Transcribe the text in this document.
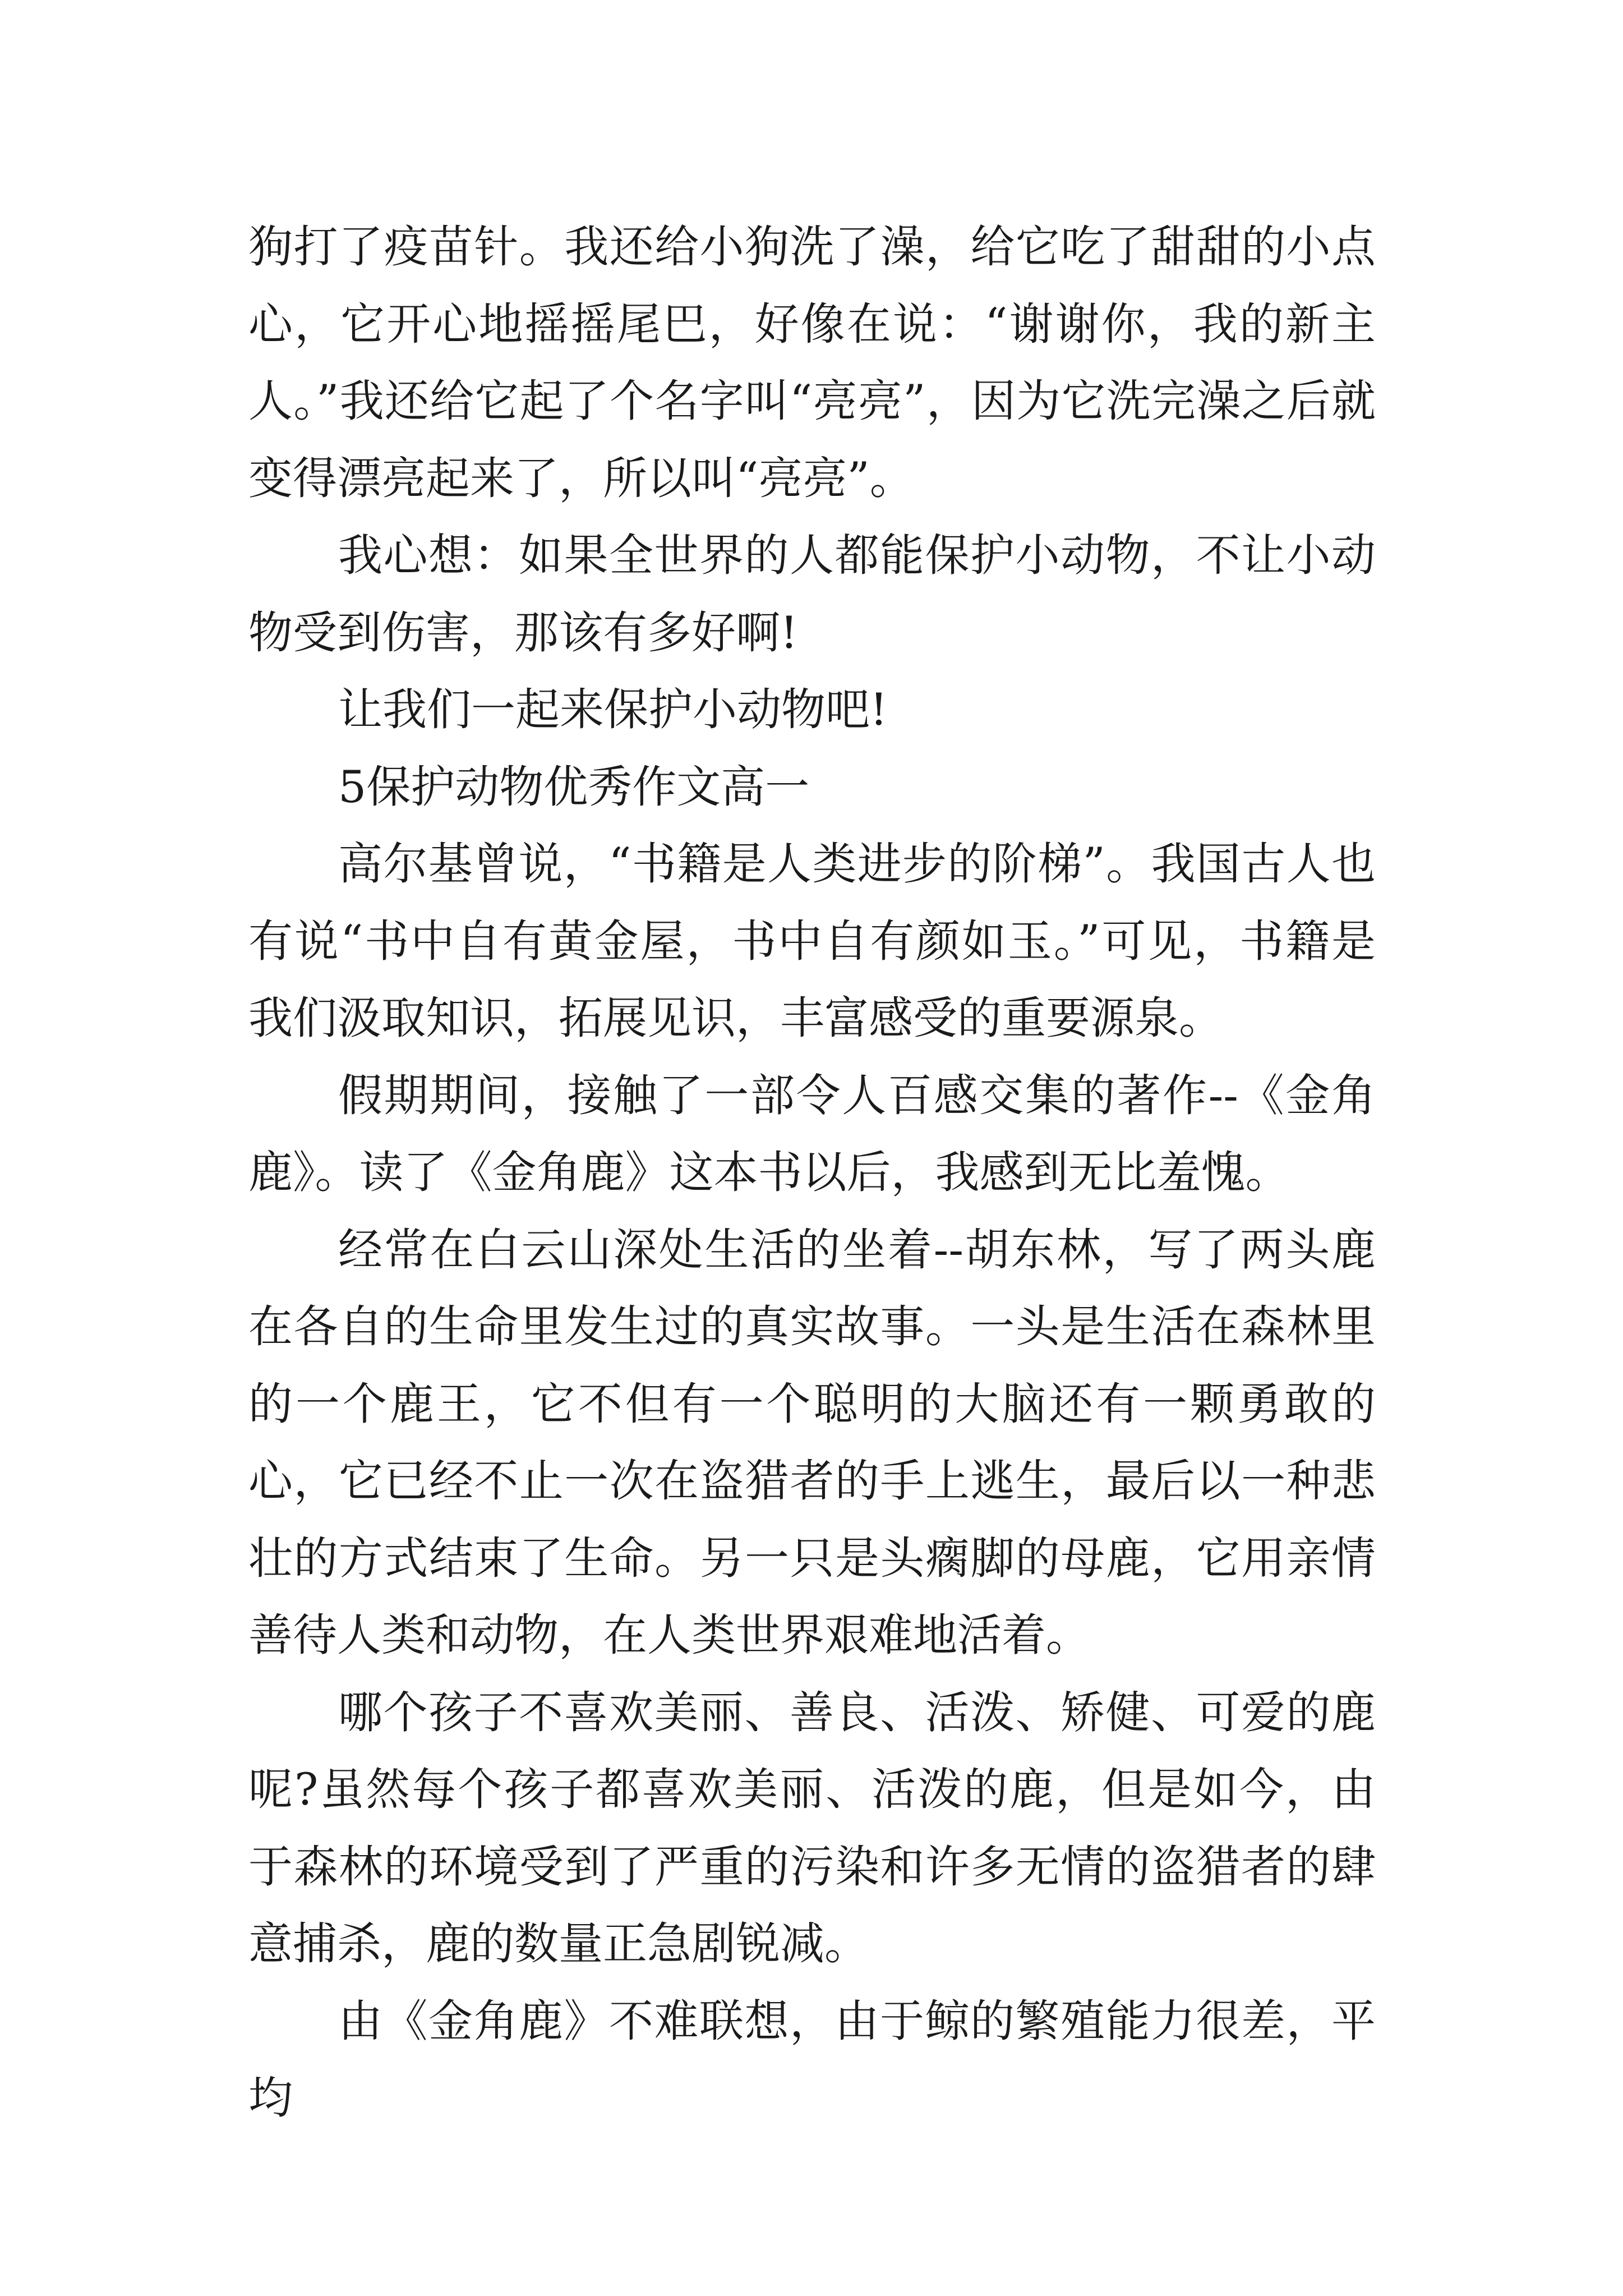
狗打了疫苗针。我还给小狗洗了澡，给它吃了甜甜的小点心，它开心地摇摇尾巴，好像在说：“谢谢你，我的新主人。”我还给它起了个名字叫“亮亮”，因为它洗完澡之后就变得漂亮起来了，所以叫“亮亮”。

我心想：如果全世界的人都能保护小动物，不让小动物受到伤害，那该有多好啊!

让我们一起来保护小动物吧!

5保护动物优秀作文高一

高尔基曾说，“书籍是人类进步的阶梯”。我国古人也有说“书中自有黄金屋，书中自有颜如玉。”可见，书籍是我们汲取知识，拓展见识，丰富感受的重要源泉。

假期期间，接触了一部令人百感交集的著作--《金角鹿》。读了《金角鹿》这本书以后，我感到无比羞愧。

经常在白云山深处生活的坐着--胡东林，写了两头鹿在各自的生命里发生过的真实故事。一头是生活在森林里的一个鹿王，它不但有一个聪明的大脑还有一颗勇敢的心，它已经不止一次在盗猎者的手上逃生，最后以一种悲壮的方式结束了生命。另一只是头瘸脚的母鹿，它用亲情善待人类和动物，在人类世界艰难地活着。

哪个孩子不喜欢美丽、善良、活泼、矫健、可爱的鹿呢?虽然每个孩子都喜欢美丽、活泼的鹿，但是如今，由于森林的环境受到了严重的污染和许多无情的盗猎者的肆意捕杀，鹿的数量正急剧锐减。

由《金角鹿》不难联想，由于鲸的繁殖能力很差，平均
